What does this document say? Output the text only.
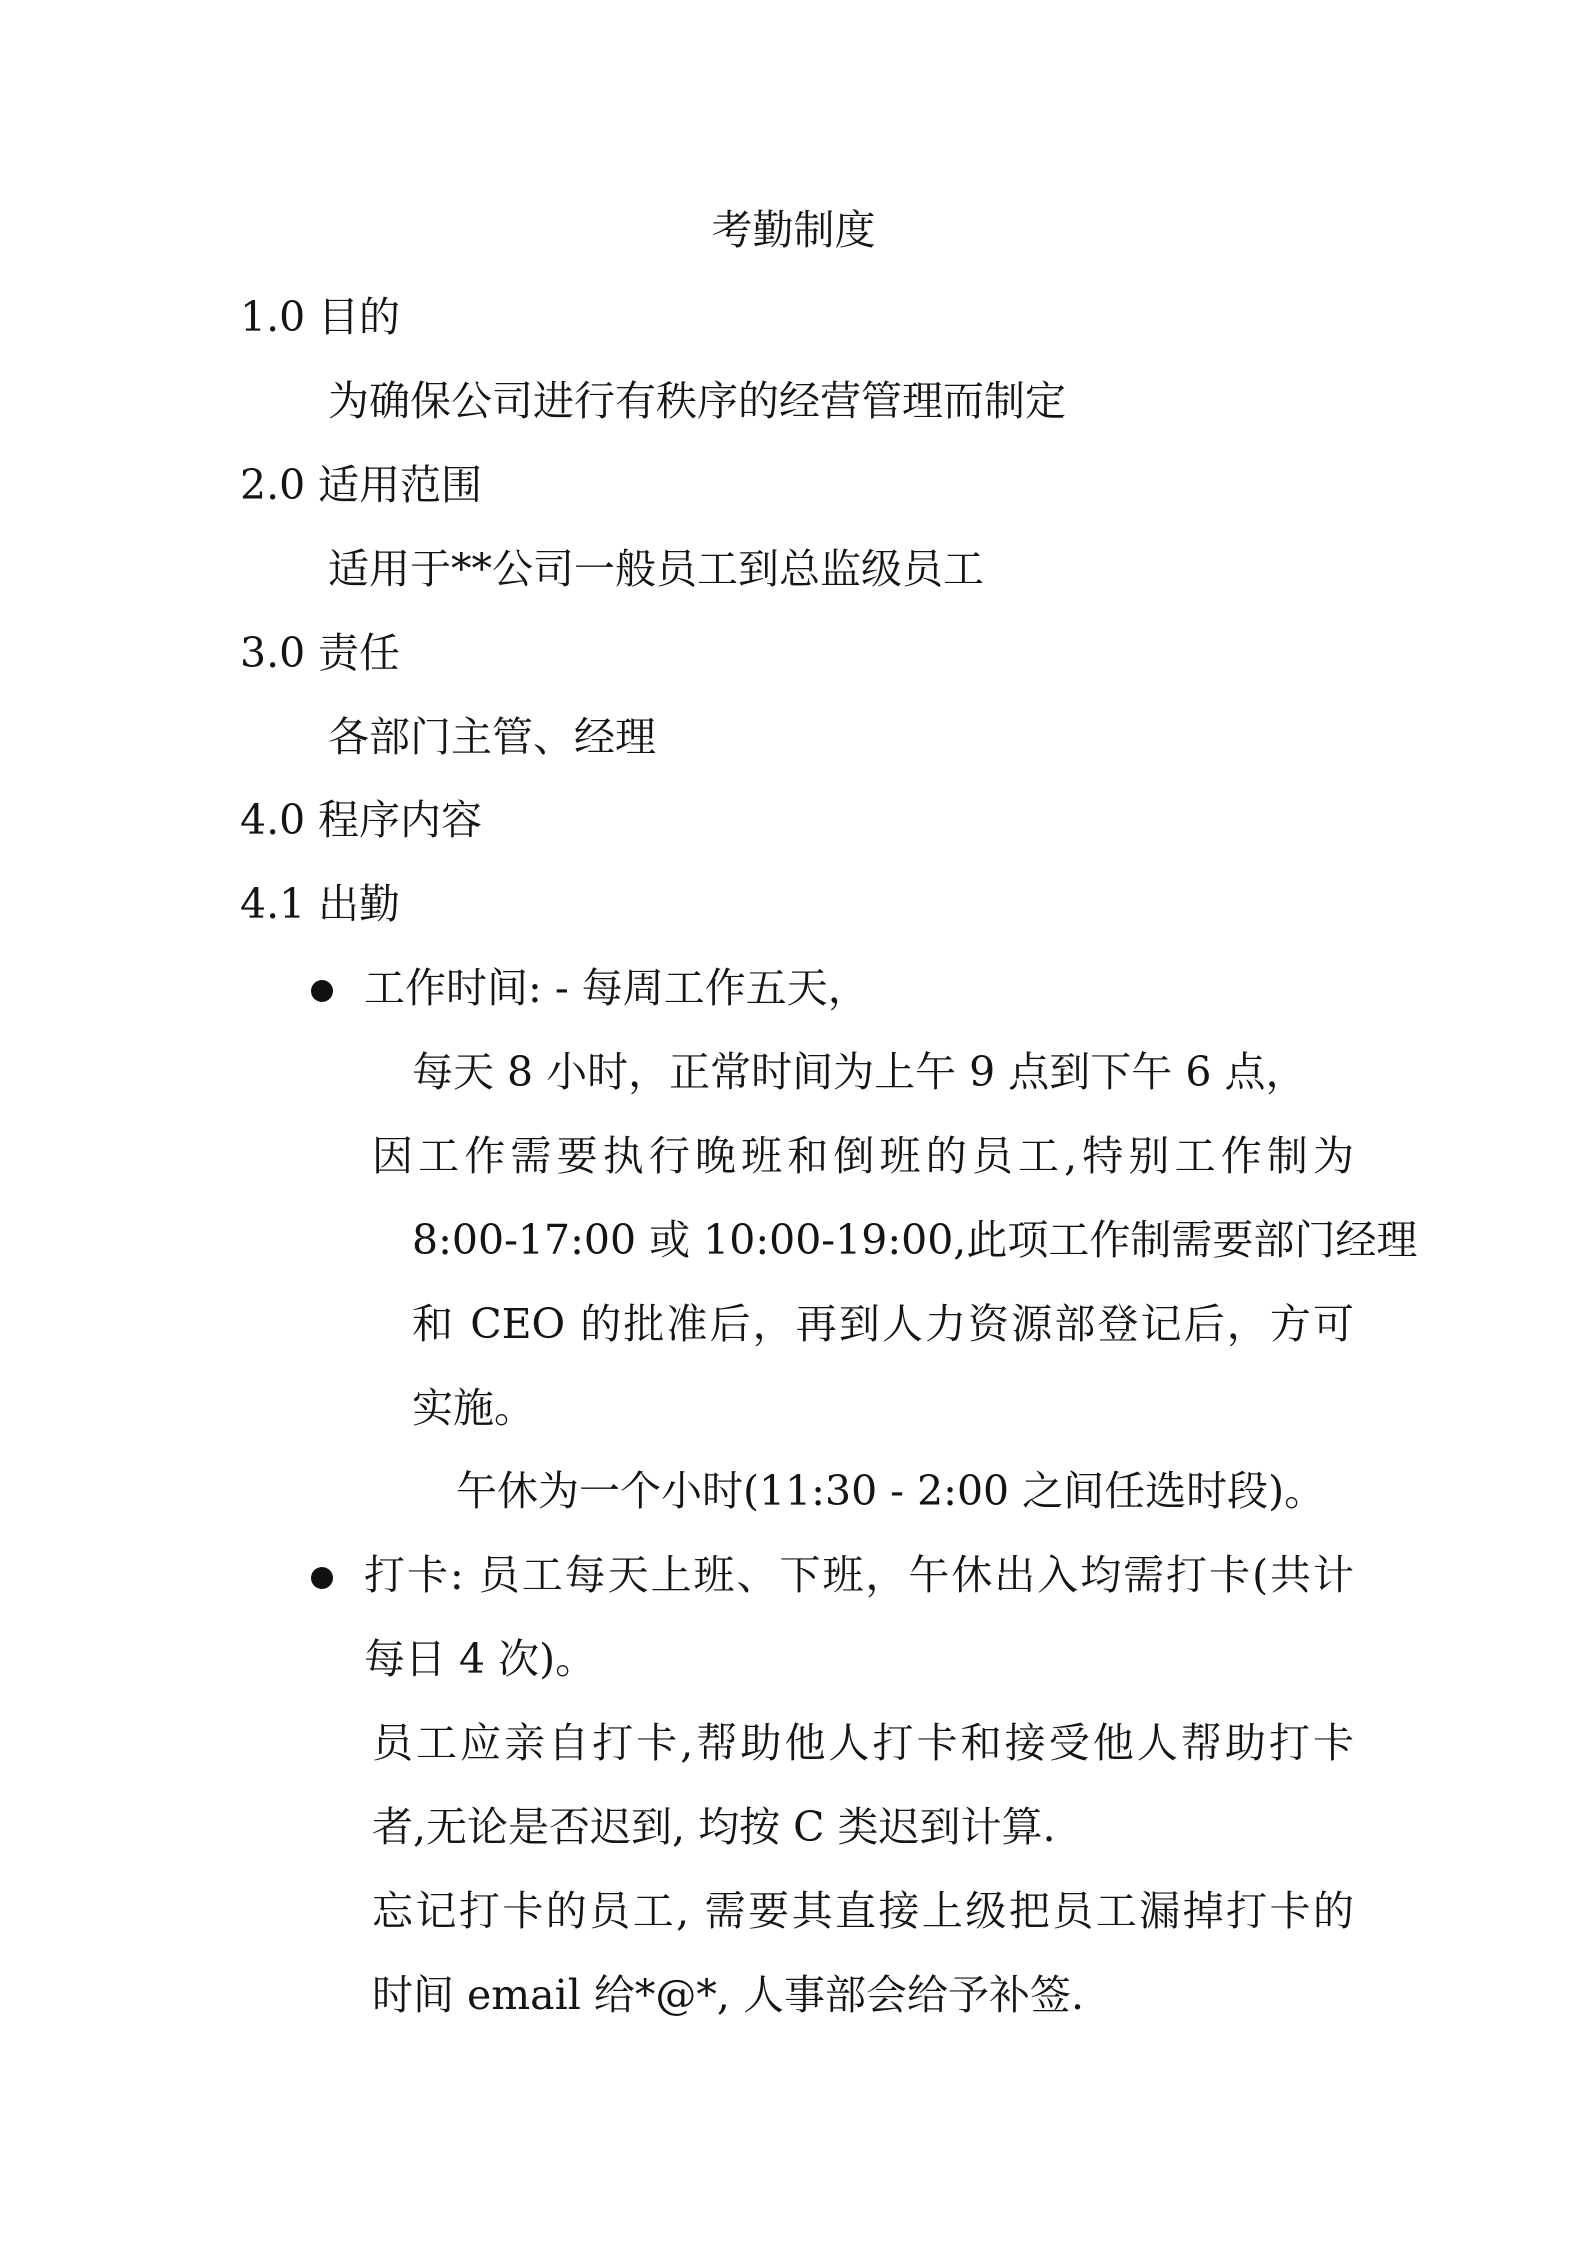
考勤制度

1.0 目的

为确保公司进行有秩序的经营管理而制定

2.0 适用范围

适用于**公司一般员工到总监级员工

3.0 责任

各部门主管、经理

4.0 程序内容

4.1 出勤

工作时间: - 每周工作五天，

每天 8 小时，正常时间为上午 9 点到下午 6 点，

因工作需要执行晚班和倒班的员工,特别工作制为

8:00-17:00 或 10:00-19:00,此项工作制需要部门经理

和 CEO 的批准后，再到人力资源部登记后，方可

实施。

午休为一个小时(11:30 - 2:00 之间任选时段)。

打卡: 员工每天上班、下班，午休出入均需打卡(共计

每日 4 次)。

员工应亲自打卡,帮助他人打卡和接受他人帮助打卡

者,无论是否迟到, 均按 C 类迟到计算.

忘记打卡的员工, 需要其直接上级把员工漏掉打卡的

时间 email 给*@*, 人事部会给予补签.
